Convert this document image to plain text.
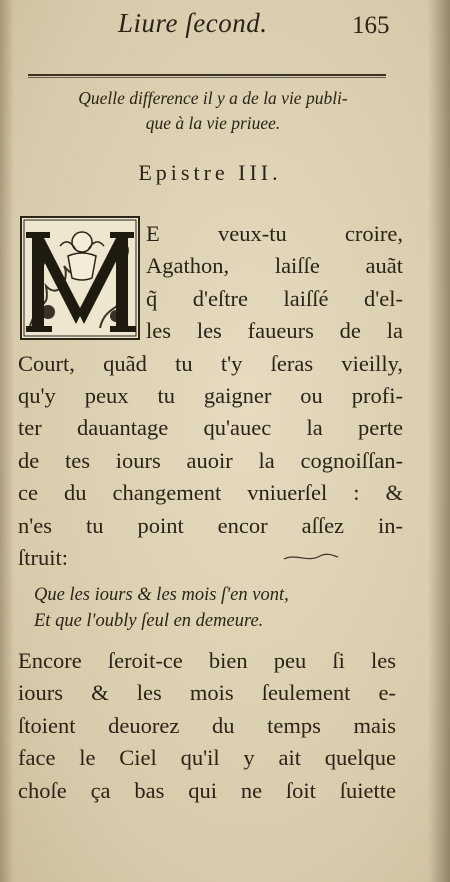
Liure ſecond.	165
Quelle difference il y a de la vie publi-
que à la vie priuee.
Epistre III.
E veux-tu croire,
Agathon, laiſſe auãt
q̃ d'eſtre laiſſé d'el-
les les faueurs de la
Court, quãd tu t'y ſeras vieilly,
qu'y peux tu gaigner ou profi-
ter dauantage qu'auec la perte
de tes iours auoir la cognoiſſan-
ce du changement vniuerſel : &
n'es tu point encor aſſez in-
ſtruit:
Que les iours & les mois ſ'en vont,
Et que l'oubly ſeul en demeure.
Encore ſeroit-ce bien peu ſi les
iours & les mois ſeulement e-
ſtoient deuorez du temps mais
face le Ciel qu'il y ait quelque
choſe ça bas qui ne ſoit ſuiette
